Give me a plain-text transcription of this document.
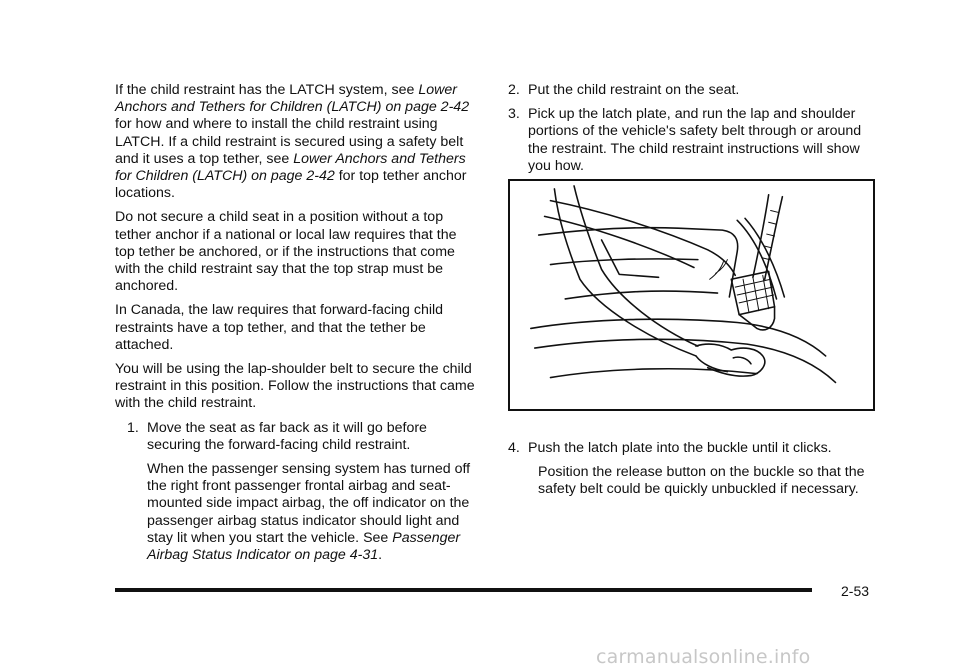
If the child restraint has the LATCH system, see Lower Anchors and Tethers for Children (LATCH) on page 2-42 for how and where to install the child restraint using LATCH. If a child restraint is secured using a safety belt and it uses a top tether, see Lower Anchors and Tethers for Children (LATCH) on page 2-42 for top tether anchor locations.

Do not secure a child seat in a position without a top tether anchor if a national or local law requires that the top tether be anchored, or if the instructions that come with the child restraint say that the top strap must be anchored.

In Canada, the law requires that forward-facing child restraints have a top tether, and that the tether be attached.

You will be using the lap-shoulder belt to secure the child restraint in this position. Follow the instructions that came with the child restraint.

1. Move the seat as far back as it will go before securing the forward-facing child restraint.
When the passenger sensing system has turned off the right front passenger frontal airbag and seat-mounted side impact airbag, the off indicator on the passenger airbag status indicator should light and stay lit when you start the vehicle. See Passenger Airbag Status Indicator on page 4-31.
2. Put the child restraint on the seat.
3. Pick up the latch plate, and run the lap and shoulder portions of the vehicle's safety belt through or around the restraint. The child restraint instructions will show you how.
4. Push the latch plate into the buckle until it clicks.
Position the release button on the buckle so that the safety belt could be quickly unbuckled if necessary.
2-53
carmanualsonline.info
